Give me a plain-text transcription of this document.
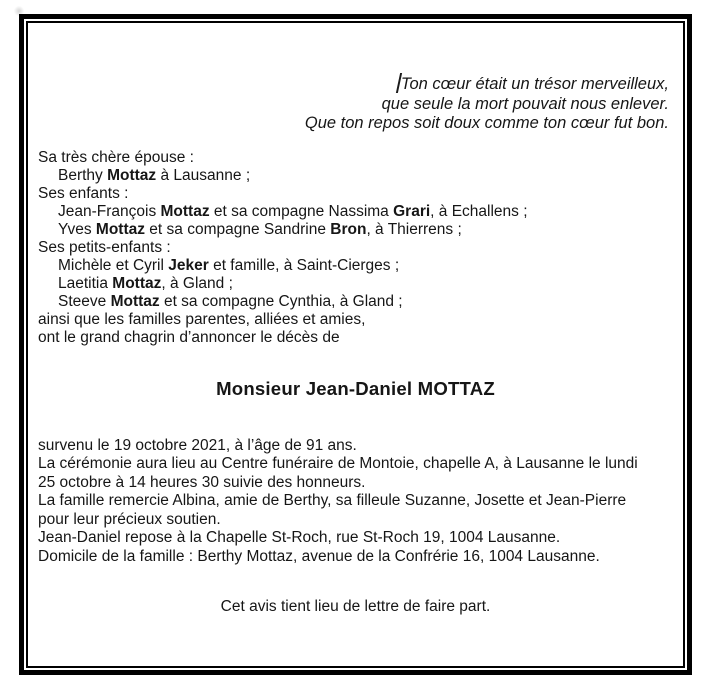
Ton cœur était un trésor merveilleux,
que seule la mort pouvait nous enlever.
Que ton repos soit doux comme ton cœur fut bon.
Sa très chère épouse :
Berthy Mottaz à Lausanne ;
Ses enfants :
Jean-François Mottaz et sa compagne Nassima Grari, à Echallens ;
Yves Mottaz et sa compagne Sandrine Bron, à Thierrens ;
Ses petits-enfants :
Michèle et Cyril Jeker et famille, à Saint-Cierges ;
Laetitia Mottaz, à Gland ;
Steeve Mottaz et sa compagne Cynthia, à Gland ;
ainsi que les familles parentes, alliées et amies,
ont le grand chagrin d’annoncer le décès de
Monsieur Jean-Daniel MOTTAZ
survenu le 19 octobre 2021, à l’âge de 91 ans.
La cérémonie aura lieu au Centre funéraire de Montoie, chapelle A, à Lausanne le lundi
25 octobre à 14 heures 30 suivie des honneurs.
La famille remercie Albina, amie de Berthy, sa filleule Suzanne, Josette et Jean-Pierre
pour leur précieux soutien.
Jean-Daniel repose à la Chapelle St-Roch, rue St-Roch 19, 1004 Lausanne.
Domicile de la famille : Berthy Mottaz, avenue de la Confrérie 16, 1004 Lausanne.
Cet avis tient lieu de lettre de faire part.
